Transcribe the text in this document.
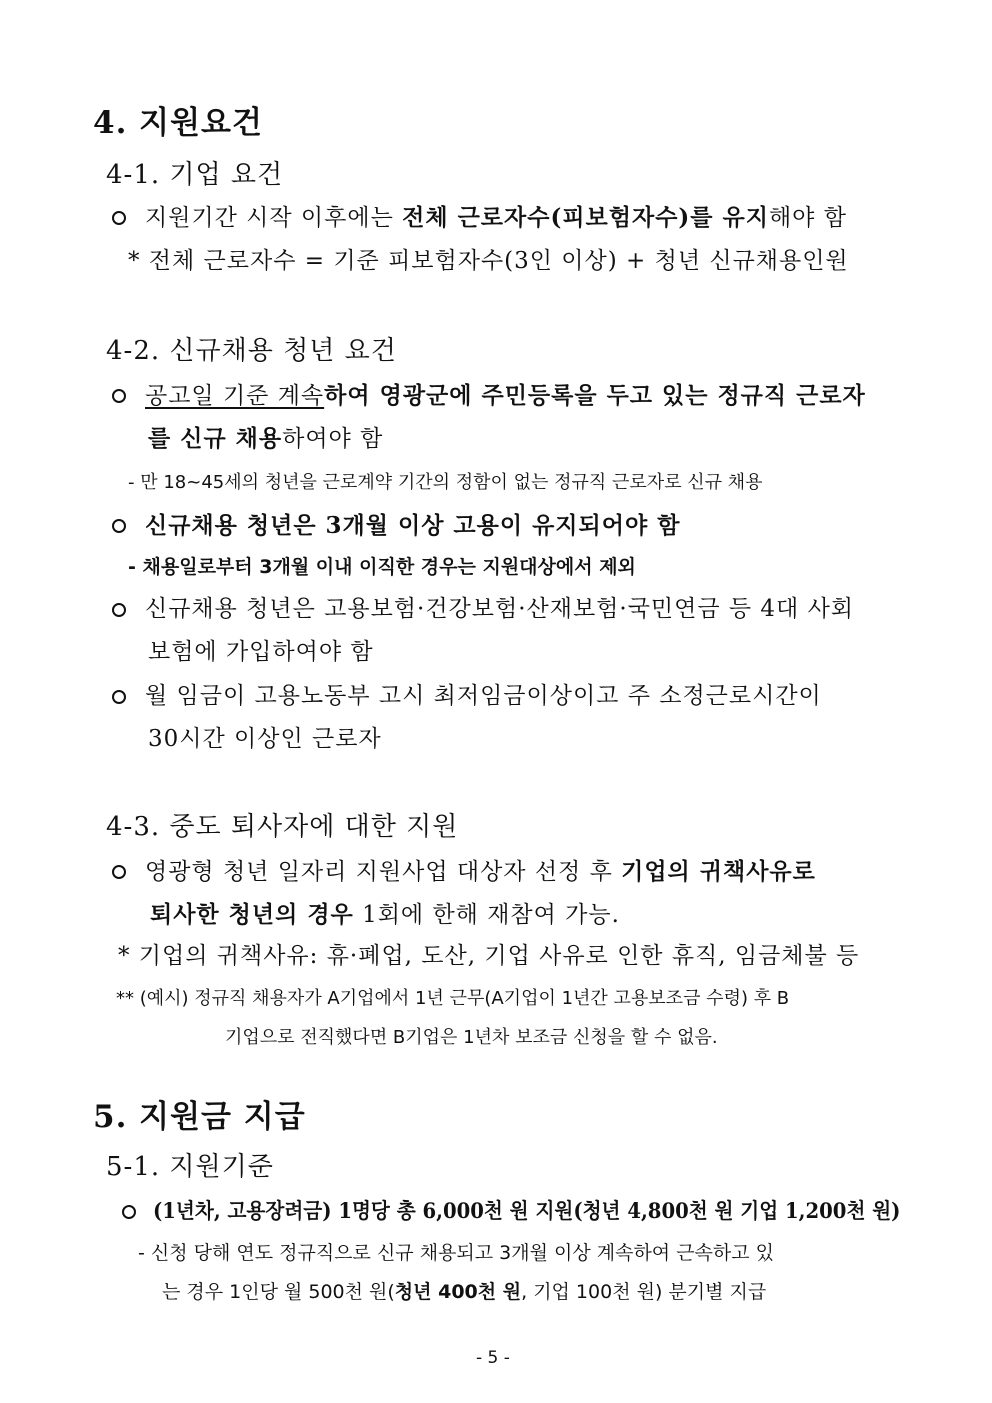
4. 지원요건
4-1. 기업 요건
지원기간 시작 이후에는 전체 근로자수(피보험자수)를 유지해야 함
* 전체 근로자수 = 기준 피보험자수(3인 이상) + 청년 신규채용인원
4-2. 신규채용 청년 요건
공고일 기준 계속하여 영광군에 주민등록을 두고 있는 정규직 근로자
를 신규 채용하여야 함
- 만 18~45세의 청년을 근로계약 기간의 정함이 없는 정규직 근로자로 신규 채용
신규채용 청년은 3개월 이상 고용이 유지되어야 함
- 채용일로부터 3개월 이내 이직한 경우는 지원대상에서 제외
신규채용 청년은 고용보험·건강보험·산재보험·국민연금 등 4대 사회
보험에 가입하여야 함
월 임금이 고용노동부 고시 최저임금이상이고 주 소정근로시간이
30시간 이상인 근로자
4-3. 중도 퇴사자에 대한 지원
영광형 청년 일자리 지원사업 대상자 선정 후 기업의 귀책사유로
퇴사한 청년의 경우 1회에 한해 재참여 가능.
* 기업의 귀책사유: 휴·폐업, 도산, 기업 사유로 인한 휴직, 임금체불 등
** (예시) 정규직 채용자가 A기업에서 1년 근무(A기업이 1년간 고용보조금 수령) 후 B
기업으로 전직했다면 B기업은 1년차 보조금 신청을 할 수 없음.
5. 지원금 지급
5-1. 지원기준
(1년차, 고용장려금) 1명당 총 6,000천 원 지원(청년 4,800천 원 기업 1,200천 원)
- 신청 당해 연도 정규직으로 신규 채용되고 3개월 이상 계속하여 근속하고 있
는 경우 1인당 월 500천 원(청년 400천 원, 기업 100천 원) 분기별 지급
- 5 -
